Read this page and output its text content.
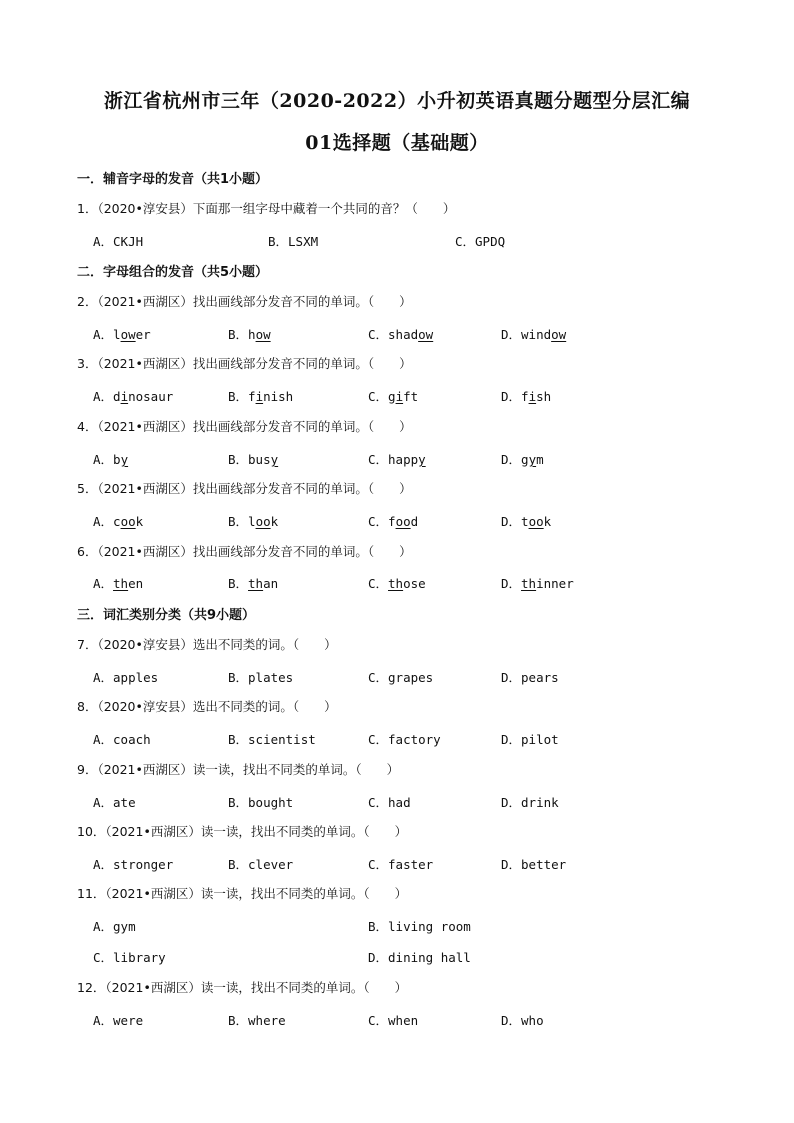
浙江省杭州市三年（2020-2022）小升初英语真题分题型分层汇编
01选择题（基础题）
一．辅音字母的发音（共1小题）
二．字母组合的发音（共5小题）
三．词汇类别分类（共9小题）
1．（2020•淳安县）下面那一组字母中藏着一个共同的音？（　　）
A．CKJH	B．LSXM	C．GPDQ
2．（2021•西湖区）找出画线部分发音不同的单词。（　　）
A．lower	B．how	C．shadow	D．window
3．（2021•西湖区）找出画线部分发音不同的单词。（　　）
A．dinosaur	B．finish	C．gift	D．fish
4．（2021•西湖区）找出画线部分发音不同的单词。（　　）
A．by	B．busy	C．happy	D．gym
5．（2021•西湖区）找出画线部分发音不同的单词。（　　）
A．cook	B．look	C．food	D．took
6．（2021•西湖区）找出画线部分发音不同的单词。（　　）
A．then	B．than	C．those	D．thinner
7．（2020•淳安县）选出不同类的词。（　　）
A．apples	B．plates	C．grapes	D．pears
8．（2020•淳安县）选出不同类的词。（　　）
A．coach	B．scientist	C．factory	D．pilot
9．（2021•西湖区）读一读，找出不同类的单词。（　　）
A．ate	B．bought	C．had	D．drink
10．（2021•西湖区）读一读，找出不同类的单词。（　　）
A．stronger	B．clever	C．faster	D．better
11．（2021•西湖区）读一读，找出不同类的单词。（　　）
A．gym	B．living room
C．library	D．dining hall
12．（2021•西湖区）读一读，找出不同类的单词。（　　）
A．were	B．where	C．when	D．who
